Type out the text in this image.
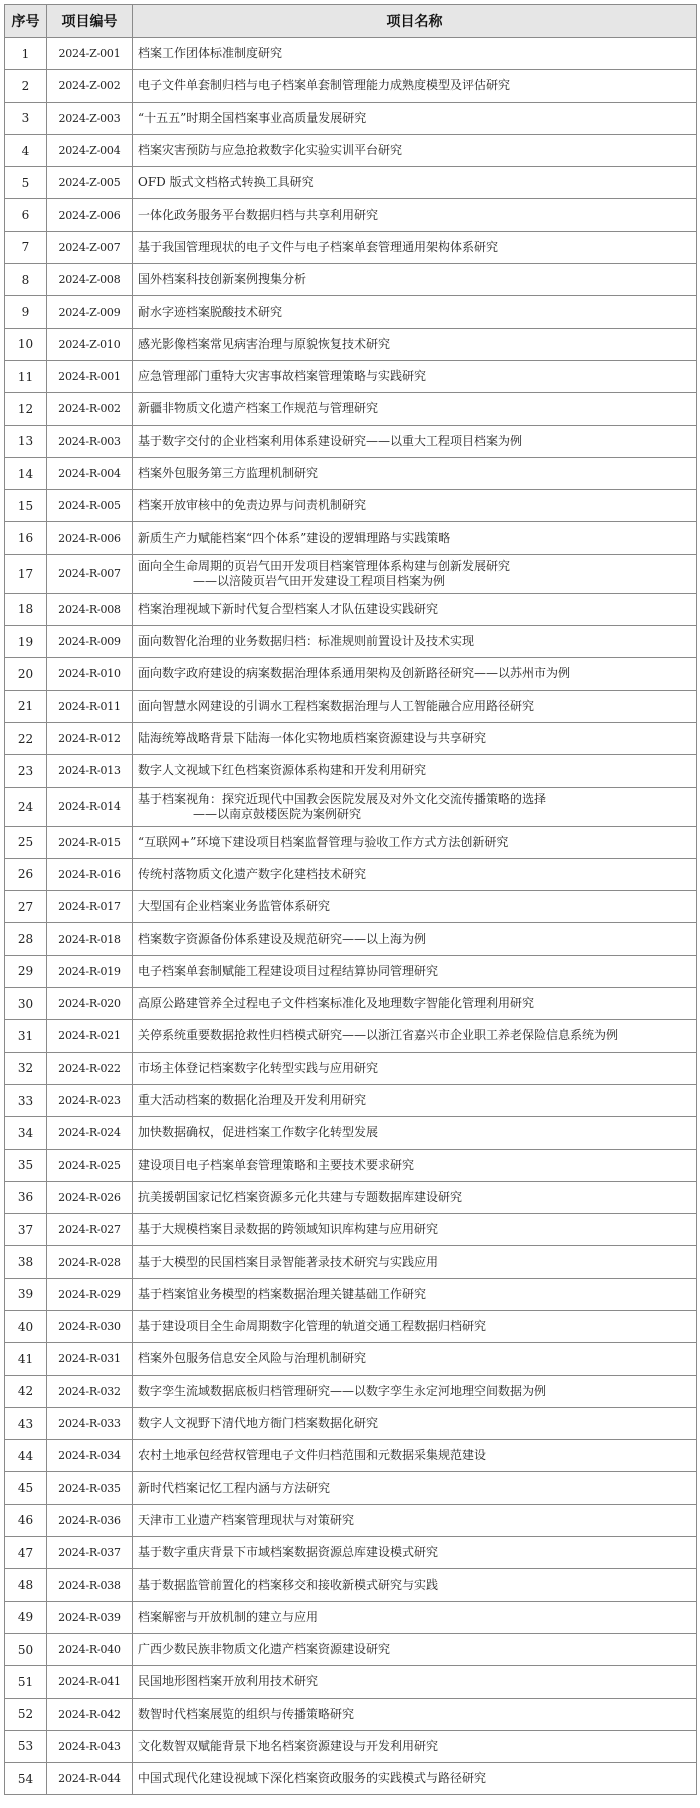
序号	项目编号	项目名称
1	2024-Z-001	档案工作团体标准制度研究
2	2024-Z-002	电子文件单套制归档与电子档案单套制管理能力成熟度模型及评估研究
3	2024-Z-003	“十五五”时期全国档案事业高质量发展研究
4	2024-Z-004	档案灾害预防与应急抢救数字化实验实训平台研究
5	2024-Z-005	OFD 版式文档格式转换工具研究
6	2024-Z-006	一体化政务服务平台数据归档与共享利用研究
7	2024-Z-007	基于我国管理现状的电子文件与电子档案单套管理通用架构体系研究
8	2024-Z-008	国外档案科技创新案例搜集分析
9	2024-Z-009	耐水字迹档案脱酸技术研究
10	2024-Z-010	感光影像档案常见病害治理与原貌恢复技术研究
11	2024-R-001	应急管理部门重特大灾害事故档案管理策略与实践研究
12	2024-R-002	新疆非物质文化遗产档案工作规范与管理研究
13	2024-R-003	基于数字交付的企业档案利用体系建设研究——以重大工程项目档案为例
14	2024-R-004	档案外包服务第三方监理机制研究
15	2024-R-005	档案开放审核中的免责边界与问责机制研究
16	2024-R-006	新质生产力赋能档案“四个体系”建设的逻辑理路与实践策略
17	2024-R-007	面向全生命周期的页岩气田开发项目档案管理体系构建与创新发展研究
——以涪陵页岩气田开发建设工程项目档案为例

18	2024-R-008	档案治理视域下新时代复合型档案人才队伍建设实践研究
19	2024-R-009	面向数智化治理的业务数据归档：标准规则前置设计及技术实现
20	2024-R-010	面向数字政府建设的病案数据治理体系通用架构及创新路径研究——以苏州市为例
21	2024-R-011	面向智慧水网建设的引调水工程档案数据治理与人工智能融合应用路径研究
22	2024-R-012	陆海统筹战略背景下陆海一体化实物地质档案资源建设与共享研究
23	2024-R-013	数字人文视域下红色档案资源体系构建和开发利用研究
24	2024-R-014	基于档案视角：探究近现代中国教会医院发展及对外文化交流传播策略的选择
——以南京鼓楼医院为案例研究

25	2024-R-015	“互联网+”环境下建设项目档案监督管理与验收工作方式方法创新研究
26	2024-R-016	传统村落物质文化遗产数字化建档技术研究
27	2024-R-017	大型国有企业档案业务监管体系研究
28	2024-R-018	档案数字资源备份体系建设及规范研究——以上海为例
29	2024-R-019	电子档案单套制赋能工程建设项目过程结算协同管理研究
30	2024-R-020	高原公路建管养全过程电子文件档案标准化及地理数字智能化管理利用研究
31	2024-R-021	关停系统重要数据抢救性归档模式研究——以浙江省嘉兴市企业职工养老保险信息系统为例
32	2024-R-022	市场主体登记档案数字化转型实践与应用研究
33	2024-R-023	重大活动档案的数据化治理及开发利用研究
34	2024-R-024	加快数据确权，促进档案工作数字化转型发展
35	2024-R-025	建设项目电子档案单套管理策略和主要技术要求研究
36	2024-R-026	抗美援朝国家记忆档案资源多元化共建与专题数据库建设研究
37	2024-R-027	基于大规模档案目录数据的跨领域知识库构建与应用研究
38	2024-R-028	基于大模型的民国档案目录智能著录技术研究与实践应用
39	2024-R-029	基于档案馆业务模型的档案数据治理关键基础工作研究
40	2024-R-030	基于建设项目全生命周期数字化管理的轨道交通工程数据归档研究
41	2024-R-031	档案外包服务信息安全风险与治理机制研究
42	2024-R-032	数字孪生流域数据底板归档管理研究——以数字孪生永定河地理空间数据为例
43	2024-R-033	数字人文视野下清代地方衙门档案数据化研究
44	2024-R-034	农村土地承包经营权管理电子文件归档范围和元数据采集规范建设
45	2024-R-035	新时代档案记忆工程内涵与方法研究
46	2024-R-036	天津市工业遗产档案管理现状与对策研究
47	2024-R-037	基于数字重庆背景下市域档案数据资源总库建设模式研究
48	2024-R-038	基于数据监管前置化的档案移交和接收新模式研究与实践
49	2024-R-039	档案解密与开放机制的建立与应用
50	2024-R-040	广西少数民族非物质文化遗产档案资源建设研究
51	2024-R-041	民国地形图档案开放利用技术研究
52	2024-R-042	数智时代档案展览的组织与传播策略研究
53	2024-R-043	文化数智双赋能背景下地名档案资源建设与开发利用研究
54	2024-R-044	中国式现代化建设视域下深化档案资政服务的实践模式与路径研究
